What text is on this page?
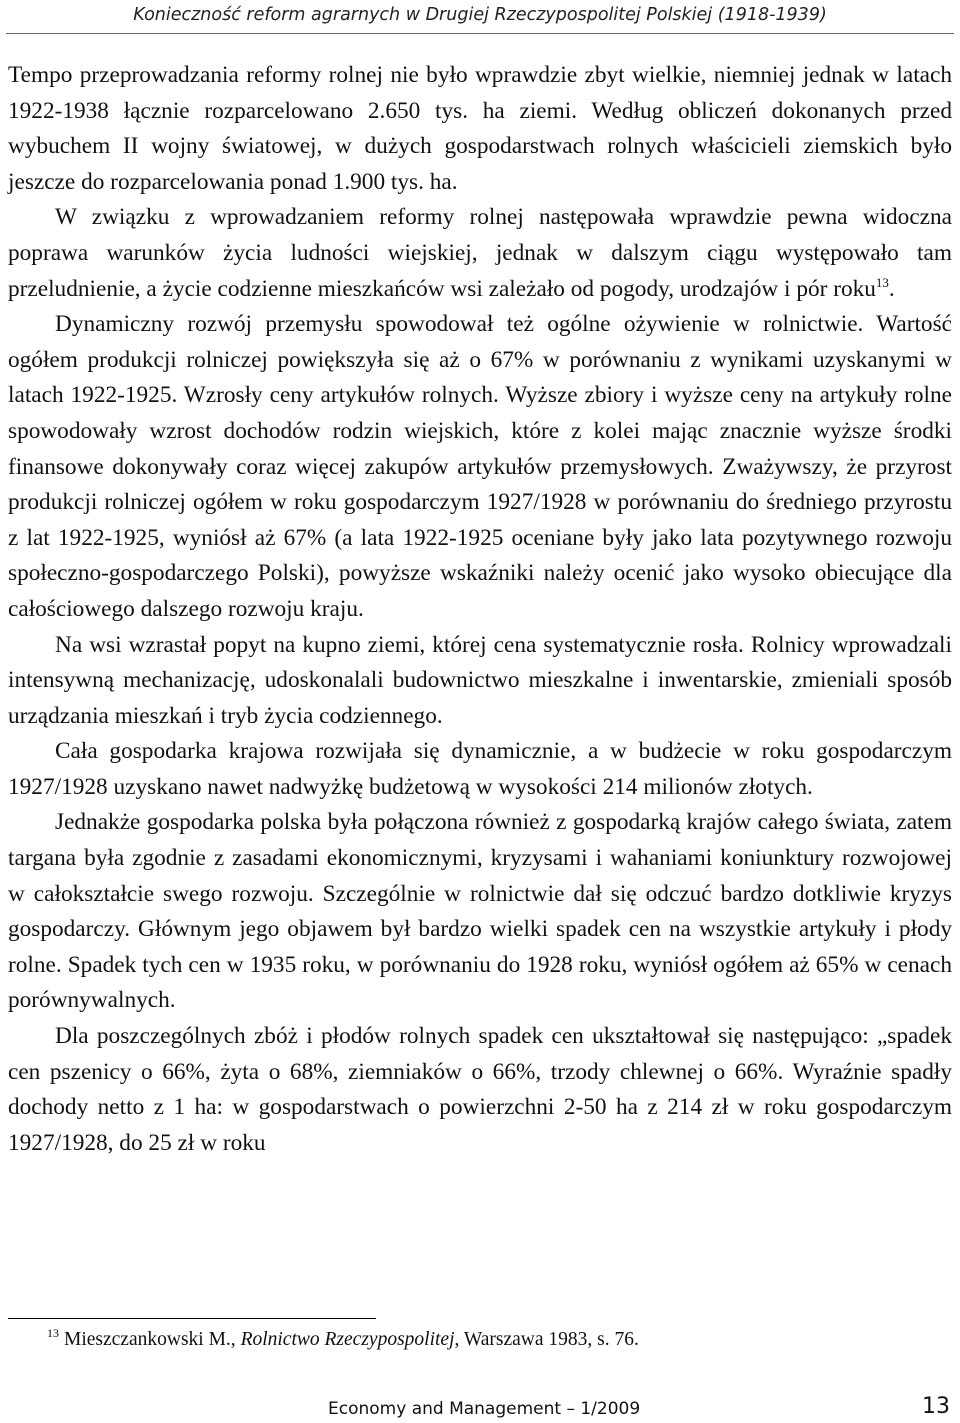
Konieczność reform agrarnych w Drugiej Rzeczypospolitej Polskiej (1918-1939)

Tempo przeprowadzania reformy rolnej nie było wprawdzie zbyt wielkie, niemniej jednak w latach 1922-1938 łącznie rozparcelowano 2.650 tys. ha ziemi. Według obliczeń dokonanych przed wybuchem II wojny światowej, w dużych gospodarstwach rolnych właścicieli ziemskich było jeszcze do rozparcelowania ponad 1.900 tys. ha.

W związku z wprowadzaniem reformy rolnej następowała wprawdzie pewna widoczna poprawa warunków życia ludności wiejskiej, jednak w dalszym ciągu występowało tam przeludnienie, a życie codzienne mieszkańców wsi zależało od pogody, urodzajów i pór roku$^{13}$.

Dynamiczny rozwój przemysłu spowodował też ogólne ożywienie w rolnictwie. Wartość ogółem produkcji rolniczej powiększyła się aż o 67% w porównaniu z wynikami uzyskanymi w latach 1922-1925. Wzrosły ceny artykułów rolnych. Wyższe zbiory i wyższe ceny na artykuły rolne spowodowały wzrost dochodów rodzin wiejskich, które z kolei mając znacznie wyższe środki finansowe dokonywały coraz więcej zakupów artykułów przemysłowych. Zważywszy, że przyrost produkcji rolniczej ogółem w roku gospodarczym 1927/1928 w porównaniu do średniego przyrostu z lat 1922-1925, wyniósł aż 67% (a lata 1922-1925 oceniane były jako lata pozytywnego rozwoju społeczno-gospodarczego Polski), powyższe wskaźniki należy ocenić jako wysoko obiecujące dla całościowego dalszego rozwoju kraju.

Na wsi wzrastał popyt na kupno ziemi, której cena systematycznie rosła. Rolnicy wprowadzali intensywną mechanizację, udoskonalali budownictwo mieszkalne i inwentarskie, zmieniali sposób urządzania mieszkań i tryb życia codziennego.

Cała gospodarka krajowa rozwijała się dynamicznie, a w budżecie w roku gospodarczym 1927/1928 uzyskano nawet nadwyżkę budżetową w wysokości 214 milionów złotych.

Jednakże gospodarka polska była połączona również z gospodarką krajów całego świata, zatem targana była zgodnie z zasadami ekonomicznymi, kryzysami i wahaniami koniunktury rozwojowej w całokształcie swego rozwoju. Szczególnie w rolnictwie dał się odczuć bardzo dotkliwie kryzys gospodarczy. Głównym jego objawem był bardzo wielki spadek cen na wszystkie artykuły i płody rolne. Spadek tych cen w 1935 roku, w porównaniu do 1928 roku, wyniósł ogółem aż 65% w cenach porównywalnych.

Dla poszczególnych zbóż i płodów rolnych spadek cen ukształtował się następująco: „spadek cen pszenicy o 66%, żyta o 68%, ziemniaków o 66%, trzody chlewnej o 66%. Wyraźnie spadły dochody netto z 1 ha: w gospodarstwach o powierzchni 2-50 ha z 214 zł w roku gospodarczym 1927/1928, do 25 zł w roku

$^{13}$ Mieszczankowski M., Rolnictwo Rzeczypospolitej, Warszawa 1983, s. 76.
Economy and Management – 1/2009	13
